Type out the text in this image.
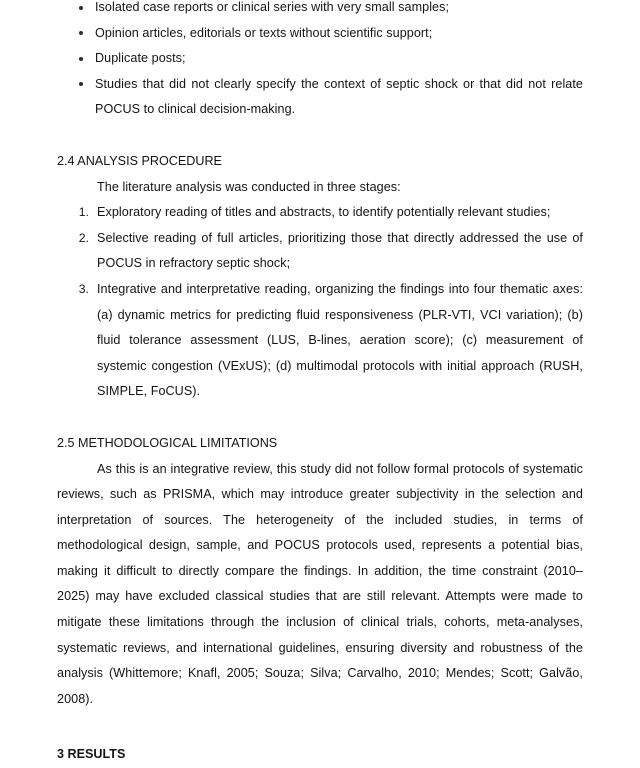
Isolated case reports or clinical series with very small samples;
Opinion articles, editorials or texts without scientific support;
Duplicate posts;
Studies that did not clearly specify the context of septic shock or that did not relate POCUS to clinical decision-making.
2.4 ANALYSIS PROCEDURE

The literature analysis was conducted in three stages:

1. Exploratory reading of titles and abstracts, to identify potentially relevant studies;
2. Selective reading of full articles, prioritizing those that directly addressed the use of POCUS in refractory septic shock;
3. Integrative and interpretative reading, organizing the findings into four thematic axes: (a) dynamic metrics for predicting fluid responsiveness (PLR-VTI, VCI variation); (b) fluid tolerance assessment (LUS, B-lines, aeration score); (c) measurement of systemic congestion (VExUS); (d) multimodal protocols with initial approach (RUSH, SIMPLE, FoCUS).
2.5 METHODOLOGICAL LIMITATIONS

As this is an integrative review, this study did not follow formal protocols of systematic reviews, such as PRISMA, which may introduce greater subjectivity in the selection and interpretation of sources. The heterogeneity of the included studies, in terms of methodological design, sample, and POCUS protocols used, represents a potential bias, making it difficult to directly compare the findings. In addition, the time constraint (2010–2025) may have excluded classical studies that are still relevant. Attempts were made to mitigate these limitations through the inclusion of clinical trials, cohorts, meta-analyses, systematic reviews, and international guidelines, ensuring diversity and robustness of the analysis (Whittemore; Knafl, 2005; Souza; Silva; Carvalho, 2010; Mendes; Scott; Galvão, 2008).

3 RESULTS
